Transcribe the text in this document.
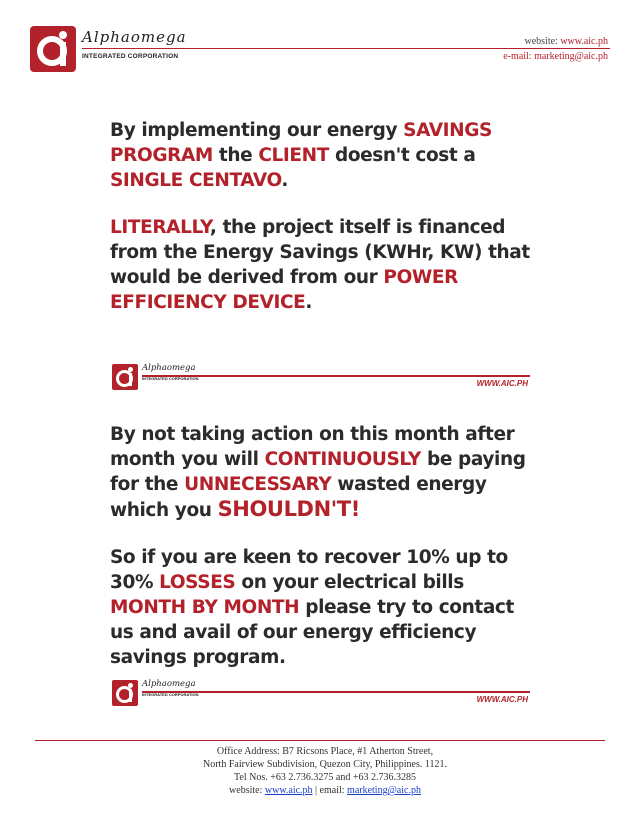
Alphaomega
INTEGRATED CORPORATION
website: www.aic.ph
e-mail: marketing@aic.ph

By implementing our energy SAVINGS PROGRAM the CLIENT doesn't cost a SINGLE CENTAVO.

LITERALLY, the project itself is financed from the Energy Savings (KWHr, KW) that would be derived from our POWER EFFICIENCY DEVICE.

Alphaomega
INTEGRATED CORPORATION
WWW.AIC.PH

By not taking action on this month after month you will CONTINUOUSLY be paying for the UNNECESSARY wasted energy which you SHOULDN'T!

So if you are keen to recover 10% up to 30% LOSSES on your electrical bills MONTH BY MONTH please try to contact us and avail of our energy efficiency savings program.

Alphaomega
INTEGRATED CORPORATION
WWW.AIC.PH
Office Address: B7 Ricsons Place, #1 Atherton Street,
North Fairview Subdivision, Quezon City, Philippines. 1121.
Tel Nos. +63 2.736.3275 and +63 2.736.3285
website: www.aic.ph | email: marketing@aic.ph
